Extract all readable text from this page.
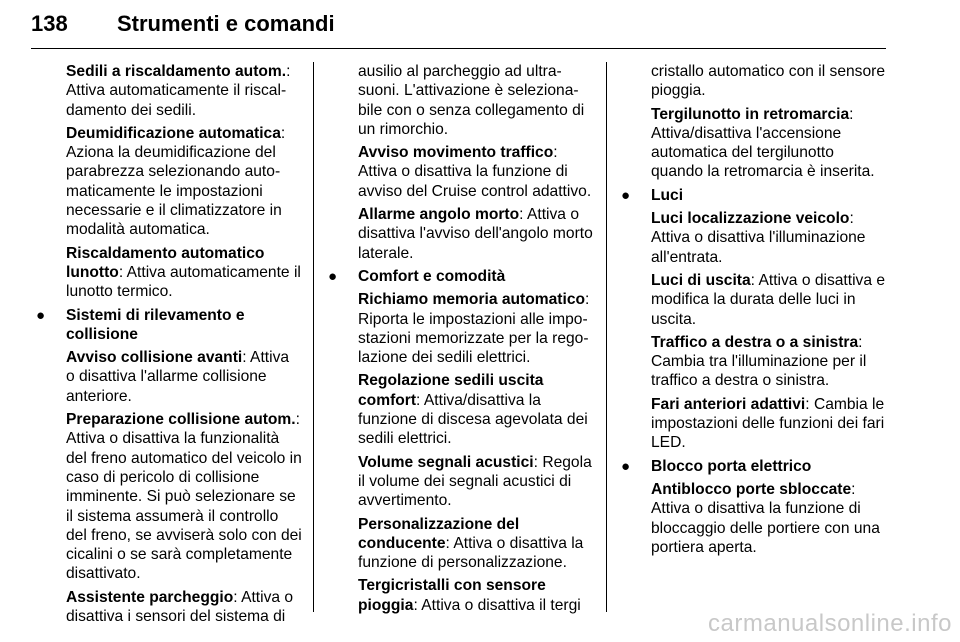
138 Strumenti e comandi

Sedili a riscaldamento autom.: Attiva automaticamente il riscaldamento dei sedili.

Deumidificazione automatica: Aziona la deumidificazione del parabrezza selezionando automaticamente le impostazioni necessarie e il climatizzatore in modalità automatica.

Riscaldamento automatico lunotto: Attiva automaticamente il lunotto termico.

● Sistemi di rilevamento e collisione

Avviso collisione avanti: Attiva o disattiva l'allarme collisione anteriore.

Preparazione collisione autom.: Attiva o disattiva la funzionalità del freno automatico del veicolo in caso di pericolo di collisione imminente. Si può selezionare se il sistema assumerà il controllo del freno, se avviserà solo con dei cicalini o se sarà completamente disattivato.

Assistente parcheggio: Attiva o disattiva i sensori del sistema di

ausilio al parcheggio ad ultrasuoni. L'attivazione è selezionabile con o senza collegamento di un rimorchio.

Avviso movimento traffico: Attiva o disattiva la funzione di avviso del Cruise control adattivo.

Allarme angolo morto: Attiva o disattiva l'avviso dell'angolo morto laterale.

● Comfort e comodità

Richiamo memoria automatico: Riporta le impostazioni alle impostazioni memorizzate per la regolazione dei sedili elettrici.

Regolazione sedili uscita comfort: Attiva/disattiva la funzione di discesa agevolata dei sedili elettrici.

Volume segnali acustici: Regola il volume dei segnali acustici di avvertimento.

Personalizzazione del conducente: Attiva o disattiva la funzione di personalizzazione.

Tergicristalli con sensore pioggia: Attiva o disattiva il tergi

cristallo automatico con il sensore pioggia.

Tergilunotto in retromarcia: Attiva/disattiva l'accensione automatica del tergilunotto quando la retromarcia è inserita.

● Luci

Luci localizzazione veicolo: Attiva o disattiva l'illuminazione all'entrata.

Luci di uscita: Attiva o disattiva e modifica la durata delle luci in uscita.

Traffico a destra o a sinistra: Cambia tra l'illuminazione per il traffico a destra o sinistra.

Fari anteriori adattivi: Cambia le impostazioni delle funzioni dei fari LED.

● Blocco porta elettrico

Antiblocco porte sbloccate: Attiva o disattiva la funzione di bloccaggio delle portiere con una portiera aperta.

carmanualsonline.info
